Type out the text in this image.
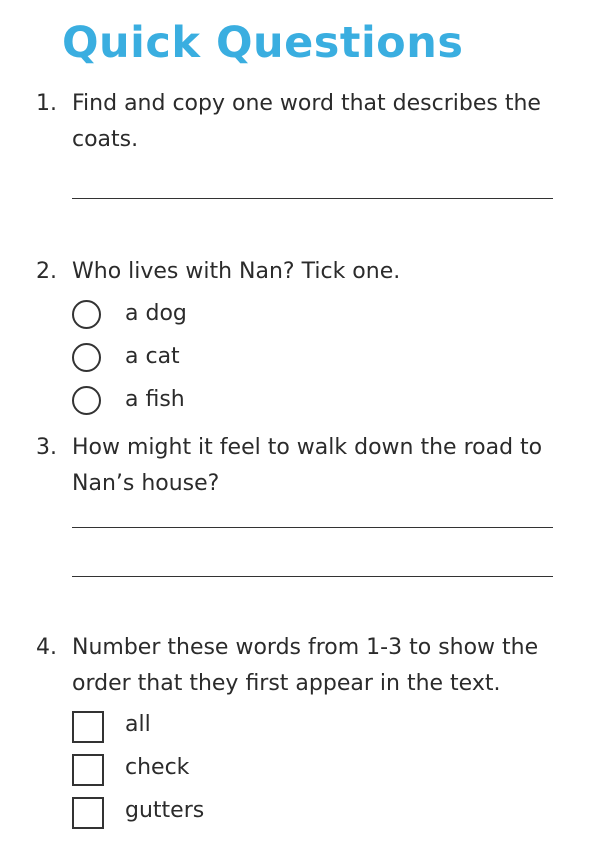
Quick Questions
1. Find and copy one word that describes the coats.
2. Who lives with Nan? Tick one.
a dog
a cat
a fish
3. How might it feel to walk down the road to Nan’s house?
4. Number these words from 1-3 to show the order that they first appear in the text.
all
check
gutters
